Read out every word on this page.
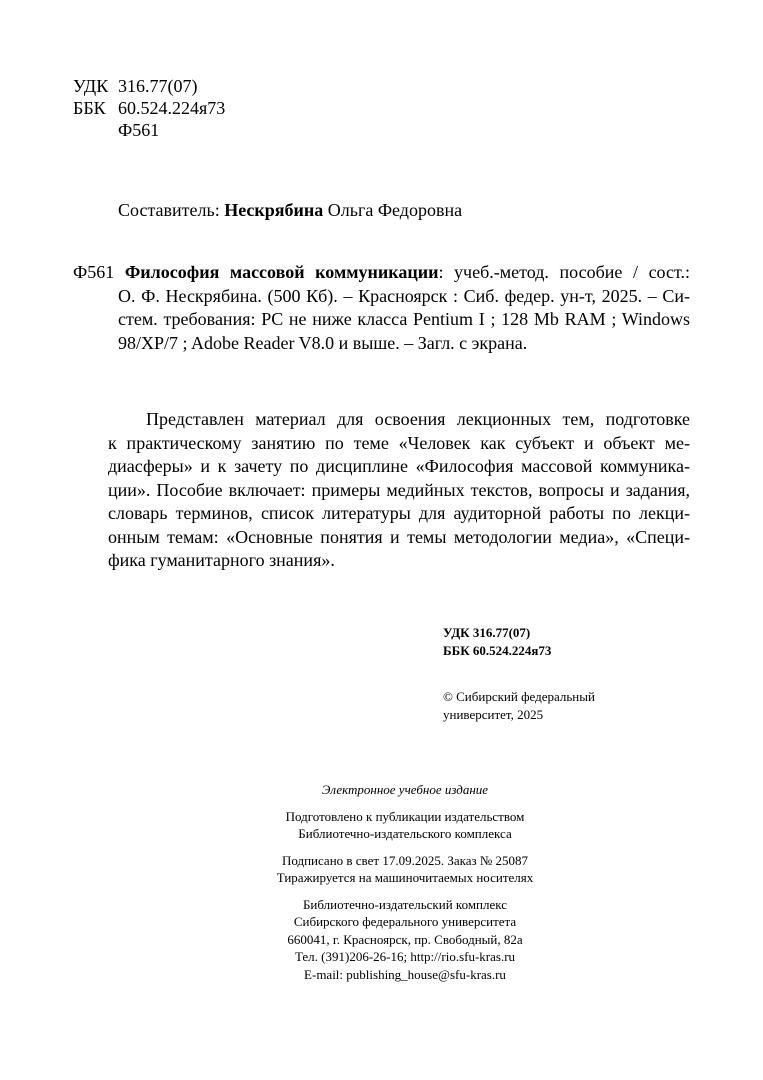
УДК 316.77(07)
ББК 60.524.224я73
Ф561
Составитель: Нескрябина Ольга Федоровна
Ф561 Философия массовой коммуникации: учеб.-метод. пособие / сост.:
О. Ф. Нескрябина. (500 Кб). – Красноярск : Сиб. федер. ун-т, 2025. – Си-
стем. требования: PC не ниже класса Pentium I ; 128 Mb RAM ; Windows
98/XP/7 ; Adobe Reader V8.0 и выше. – Загл. с экрана.
Представлен материал для освоения лекционных тем, подготовке
к практическому занятию по теме «Человек как субъект и объект ме-
диасферы» и к зачету по дисциплине «Философия массовой коммуника-
ции». Пособие включает: примеры медийных текстов, вопросы и задания,
словарь терминов, список литературы для аудиторной работы по лекци-
онным темам: «Основные понятия и темы методологии медиа», «Специ-
фика гуманитарного знания».
УДК 316.77(07)
ББК 60.524.224я73
© Сибирский федеральный
университет, 2025
Электронное учебное издание
Подготовлено к публикации издательством
Библиотечно-издательского комплекса
Подписано в свет 17.09.2025. Заказ № 25087
Тиражируется на машиночитаемых носителях
Библиотечно-издательский комплекс
Сибирского федерального университета
660041, г. Красноярск, пр. Свободный, 82а
Тел. (391)206-26-16; http://rio.sfu-kras.ru
E-mail: publishing_house@sfu-kras.ru
